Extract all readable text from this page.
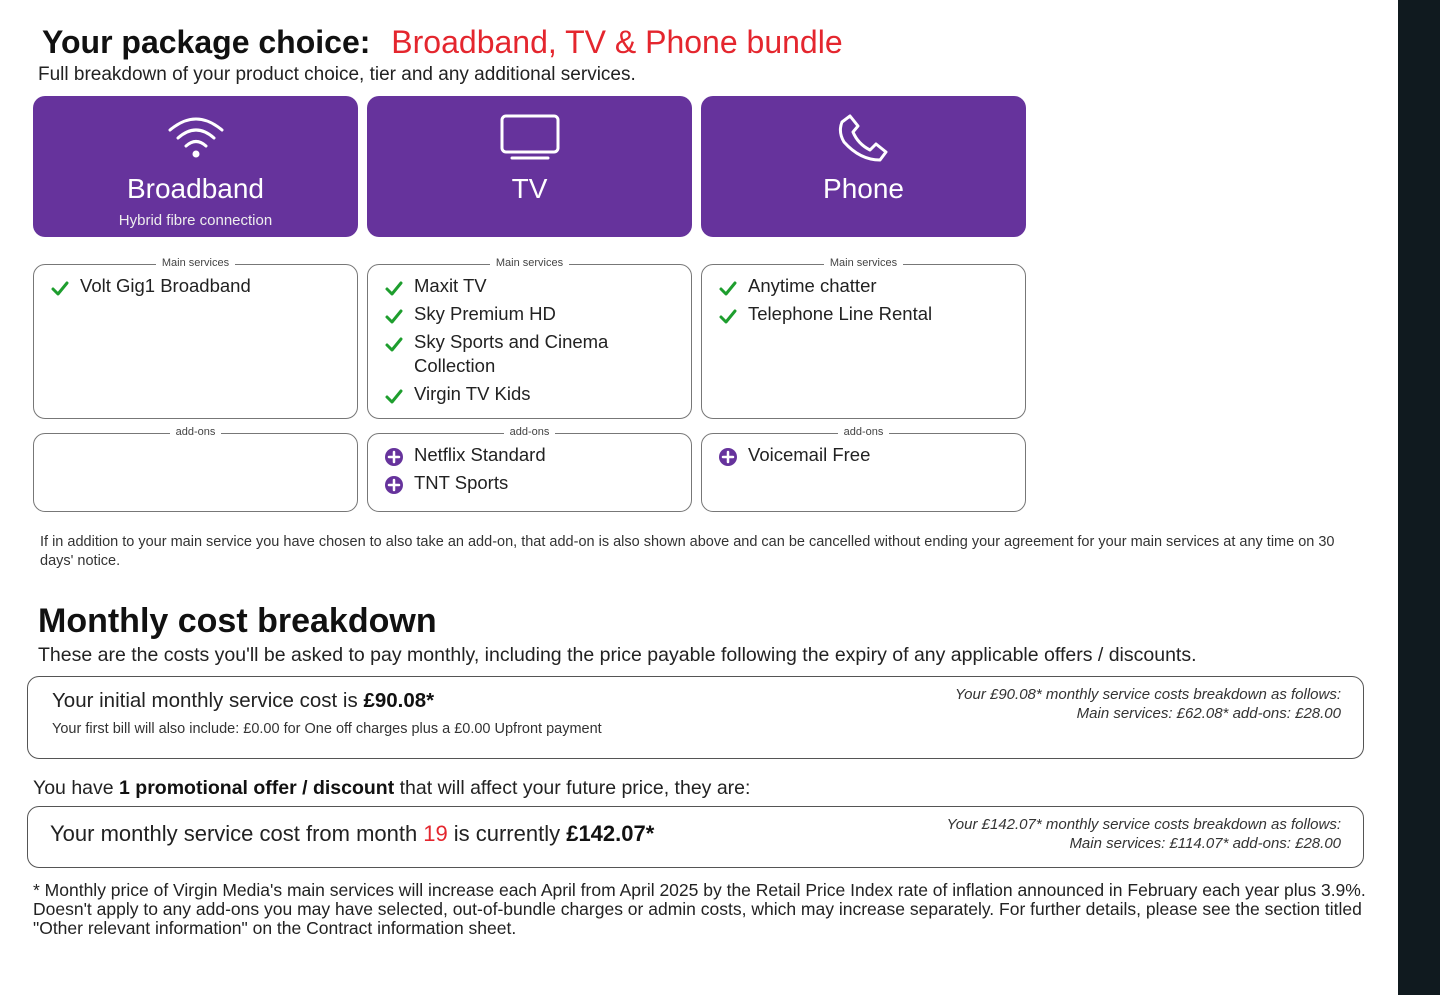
Your package choice: Broadband, TV & Phone bundle
Full breakdown of your product choice, tier and any additional services.
Broadband
Hybrid fibre connection
TV	Phone
Main services
Volt Gig1 Broadband
Main services
Maxit TV
Sky Premium HD
Sky Sports and Cinema Collection
Virgin TV Kids
Main services
Anytime chatter
Telephone Line Rental
add-ons	add-ons
Netflix Standard
TNT Sports
add-ons
Voicemail Free
If in addition to your main service you have chosen to also take an add-on, that add-on is also shown above and can be cancelled without ending your agreement for your main services at any time on 30 days' notice.
Monthly cost breakdown
These are the costs you'll be asked to pay monthly, including the price payable following the expiry of any applicable offers / discounts.
Your initial monthly service cost is £90.08*
Your first bill will also include: £0.00 for One off charges plus a £0.00 Upfront payment
Your £90.08* monthly service costs breakdown as follows:
Main services: £62.08* add-ons: £28.00
You have 1 promotional offer / discount that will affect your future price, they are:
Your monthly service cost from month 19 is currently £142.07*	Your £142.07* monthly service costs breakdown as follows:
Main services: £114.07* add-ons: £28.00
* Monthly price of Virgin Media's main services will increase each April from April 2025 by the Retail Price Index rate of inflation announced in February each year plus 3.9%. Doesn't apply to any add-ons you may have selected, out-of-bundle charges or admin costs, which may increase separately. For further details, please see the section titled "Other relevant information" on the Contract information sheet.
